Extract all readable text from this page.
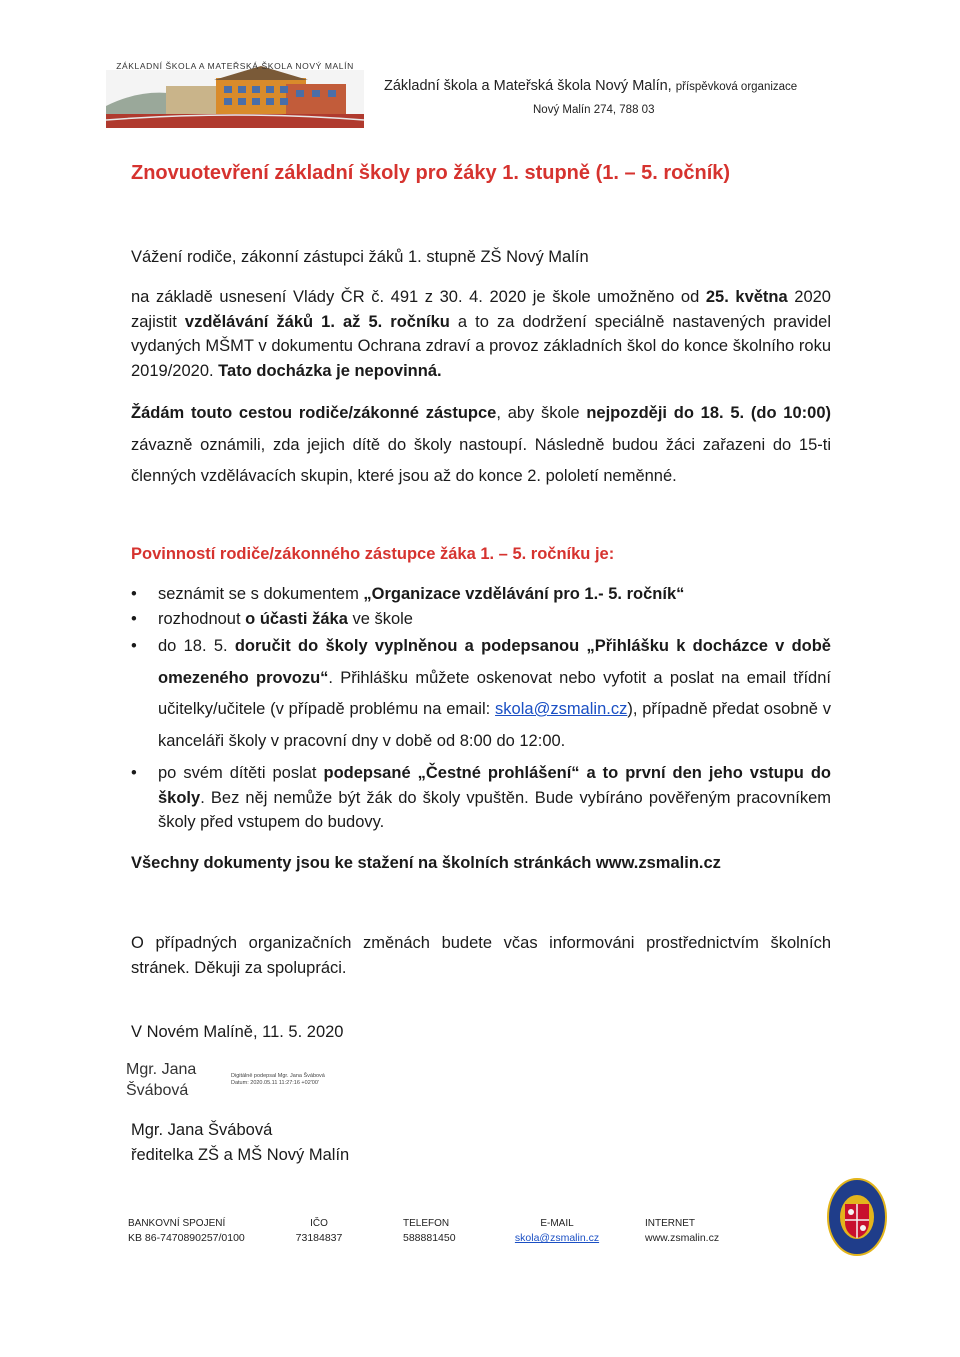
ZÁKLADNÍ ŠKOLA A MATEŘSKÁ ŠKOLA NOVÝ MALÍN
Základní škola a Mateřská škola Nový Malín, příspěvková organizace
Nový Malín 274, 788 03
Znovuotevření základní školy pro žáky 1. stupně (1. – 5. ročník)
Vážení rodiče, zákonní zástupci žáků 1. stupně ZŠ Nový Malín
na základě usnesení Vlády ČR č. 491 z 30. 4. 2020 je škole umožněno od 25. května 2020 zajistit vzdělávání žáků 1. až 5. ročníku a to za dodržení speciálně nastavených pravidel vydaných MŠMT v dokumentu Ochrana zdraví a provoz základních škol do konce školního roku 2019/2020. Tato docházka je nepovinná.
Žádám touto cestou rodiče/zákonné zástupce, aby škole nejpozději do 18. 5. (do 10:00) závazně oznámili, zda jejich dítě do školy nastoupí. Následně budou žáci zařazeni do 15-ti členných vzdělávacích skupin, které jsou až do konce 2. pololetí neměnné.
Povinností rodiče/zákonného zástupce žáka 1. – 5. ročníku je:
• seznámit se s dokumentem „Organizace vzdělávání pro 1.- 5. ročník“
• rozhodnout o účasti žáka ve škole
• do 18. 5. doručit do školy vyplněnou a podepsanou „Přihlášku k docházce v době omezeného provozu“. Přihlášku můžete oskenovat nebo vyfotit a poslat na email třídní učitelky/učitele (v případě problému na email: skola@zsmalin.cz), případně předat osobně v kanceláři školy v pracovní dny v době od 8:00 do 12:00.
• po svém dítěti poslat podepsané „Čestné prohlášení“ a to první den jeho vstupu do školy. Bez něj nemůže být žák do školy vpuštěn. Bude vybíráno pověřeným pracovníkem školy před vstupem do budovy.
Všechny dokumenty jsou ke stažení na školních stránkách www.zsmalin.cz
O případných organizačních změnách budete včas informováni prostřednictvím školních stránek. Děkuji za spolupráci.
V Novém Malíně, 11. 5. 2020
Mgr. Jana
Švábová
Digitálně podepsal Mgr. Jana Švábová
Datum: 2020.05.11 11:27:16 +02'00'
Mgr. Jana Švábová
ředitelka ZŠ a MŠ Nový Malín
BANKOVNÍ SPOJENÍ
KB 86-7470890257/0100
IČO
73184837
TELEFON
588881450
E-MAIL
skola@zsmalin.cz
INTERNET
www.zsmalin.cz
